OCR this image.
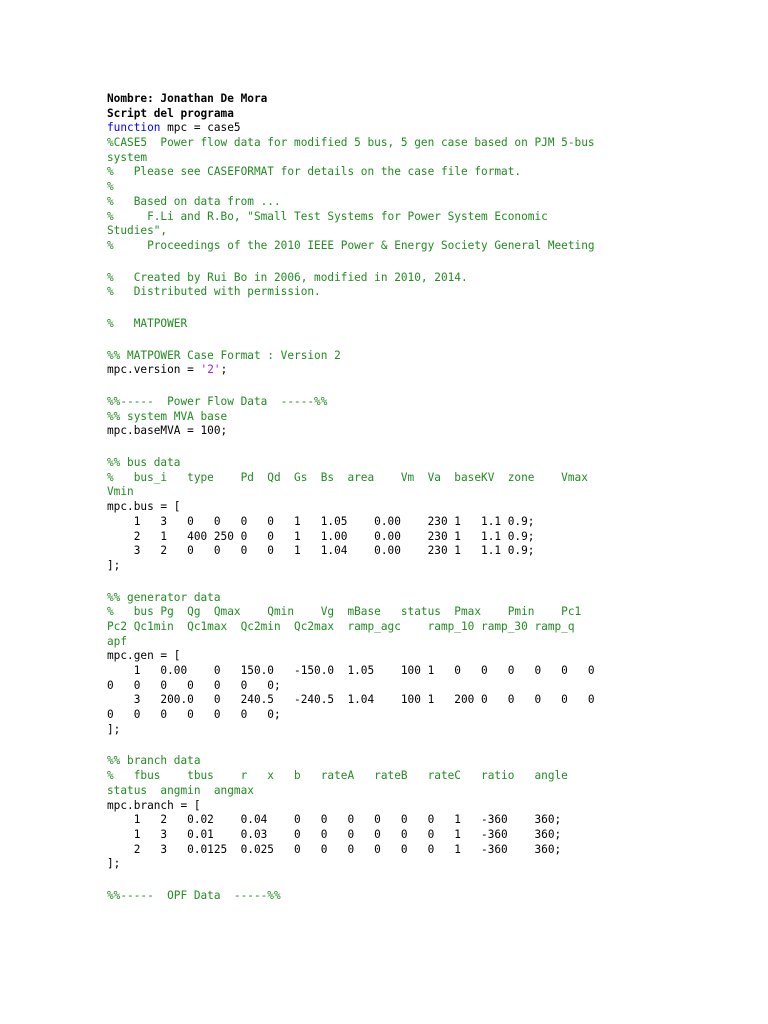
Nombre: Jonathan De Mora
Script del programa
function mpc = case5
%CASE5  Power flow data for modified 5 bus, 5 gen case based on PJM 5-bus
system
%   Please see CASEFORMAT for details on the case file format.
%
%   Based on data from ...
%     F.Li and R.Bo, "Small Test Systems for Power System Economic
Studies",
%     Proceedings of the 2010 IEEE Power & Energy Society General Meeting
%   Created by Rui Bo in 2006, modified in 2010, 2014.
%   Distributed with permission.
%   MATPOWER
%% MATPOWER Case Format : Version 2
mpc.version = '2';
%%-----  Power Flow Data  -----%%
%% system MVA base
mpc.baseMVA = 100;
%% bus data
%   bus_i   type    Pd  Qd  Gs  Bs  area    Vm  Va  baseKV  zone    Vmax
Vmin
mpc.bus = [
1   3   0   0   0   0   1   1.05    0.00    230 1   1.1 0.9;
2   1   400 250 0   0   1   1.00    0.00    230 1   1.1 0.9;
3   2   0   0   0   0   1   1.04    0.00    230 1   1.1 0.9;
];
%% generator data
%   bus Pg  Qg  Qmax    Qmin    Vg  mBase   status  Pmax    Pmin    Pc1
Pc2 Qc1min  Qc1max  Qc2min  Qc2max  ramp_agc    ramp_10 ramp_30 ramp_q
apf
mpc.gen = [
1   0.00    0   150.0   -150.0  1.05    100 1   0   0   0   0   0   0
0   0   0   0   0   0   0;
3   200.0   0   240.5   -240.5  1.04    100 1   200 0   0   0   0   0
0   0   0   0   0   0   0;
];
%% branch data
%   fbus    tbus    r   x   b   rateA   rateB   rateC   ratio   angle
status  angmin  angmax
mpc.branch = [
1   2   0.02    0.04    0   0   0   0   0   0   1   -360    360;
1   3   0.01    0.03    0   0   0   0   0   0   1   -360    360;
2   3   0.0125  0.025   0   0   0   0   0   0   1   -360    360;
];
%%-----  OPF Data  -----%%
